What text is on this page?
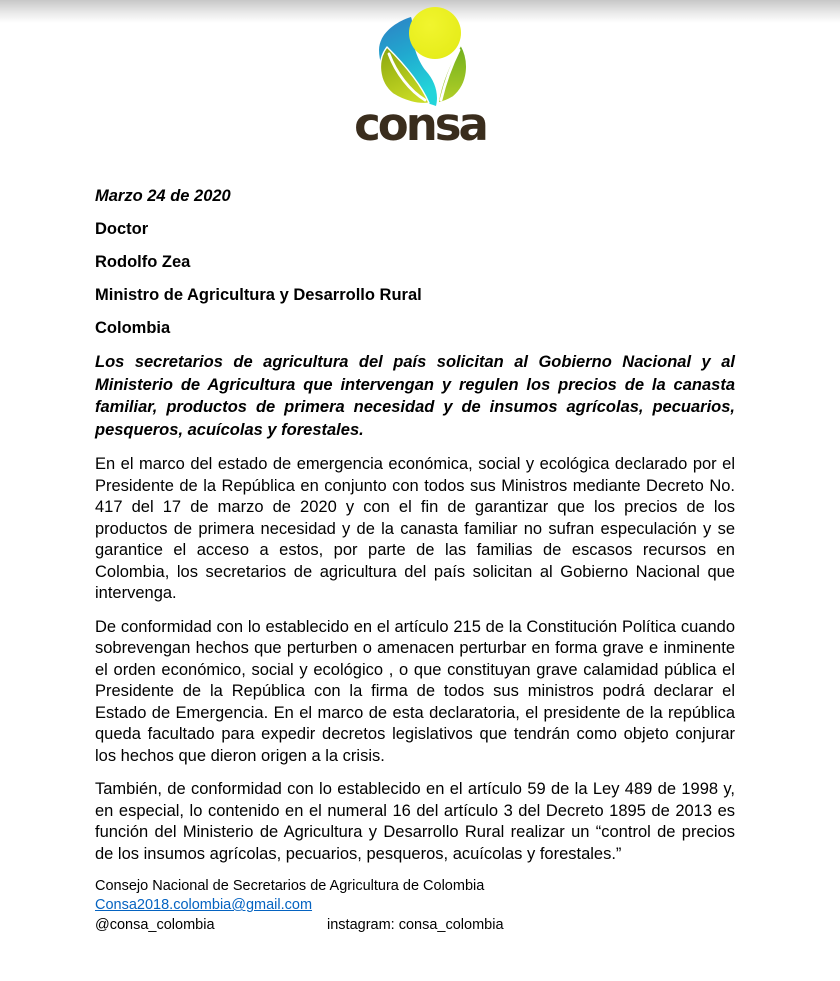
consa

Marzo 24 de 2020

Doctor

Rodolfo Zea

Ministro de Agricultura y Desarrollo Rural

Colombia

Los secretarios de agricultura del país solicitan al Gobierno Nacional y al Ministerio de Agricultura que intervengan y regulen los precios de la canasta familiar, productos de primera necesidad y de insumos agrícolas, pecuarios, pesqueros, acuícolas y forestales.

En el marco del estado de emergencia económica, social y ecológica declarado por el Presidente de la República en conjunto con todos sus Ministros mediante Decreto No. 417 del 17 de marzo de 2020 y con el fin de garantizar que los precios de los productos de primera necesidad y de la canasta familiar no sufran especulación y se garantice el acceso a estos, por parte de las familias de escasos recursos en Colombia, los secretarios de agricultura del país solicitan al Gobierno Nacional que intervenga.

De conformidad con lo establecido en el artículo 215 de la Constitución Política cuando sobrevengan hechos que perturben o amenacen perturbar en forma grave e inminente el orden económico, social y ecológico , o que constituyan grave calamidad pública el Presidente de la República con la firma de todos sus ministros podrá declarar el Estado de Emergencia. En el marco de esta declaratoria, el presidente de la república queda facultado para expedir decretos legislativos que tendrán como objeto conjurar los hechos que dieron origen a la crisis.

También, de conformidad con lo establecido en el artículo 59 de la Ley 489 de 1998 y, en especial, lo contenido en el numeral 16 del artículo 3 del Decreto 1895 de 2013 es función del Ministerio de Agricultura y Desarrollo Rural realizar un “control de precios de los insumos agrícolas, pecuarios, pesqueros, acuícolas y forestales.”

Consejo Nacional de Secretarios de Agricultura de Colombia
Consa2018.colombia@gmail.com
@consa_colombia	instagram: consa_colombia
